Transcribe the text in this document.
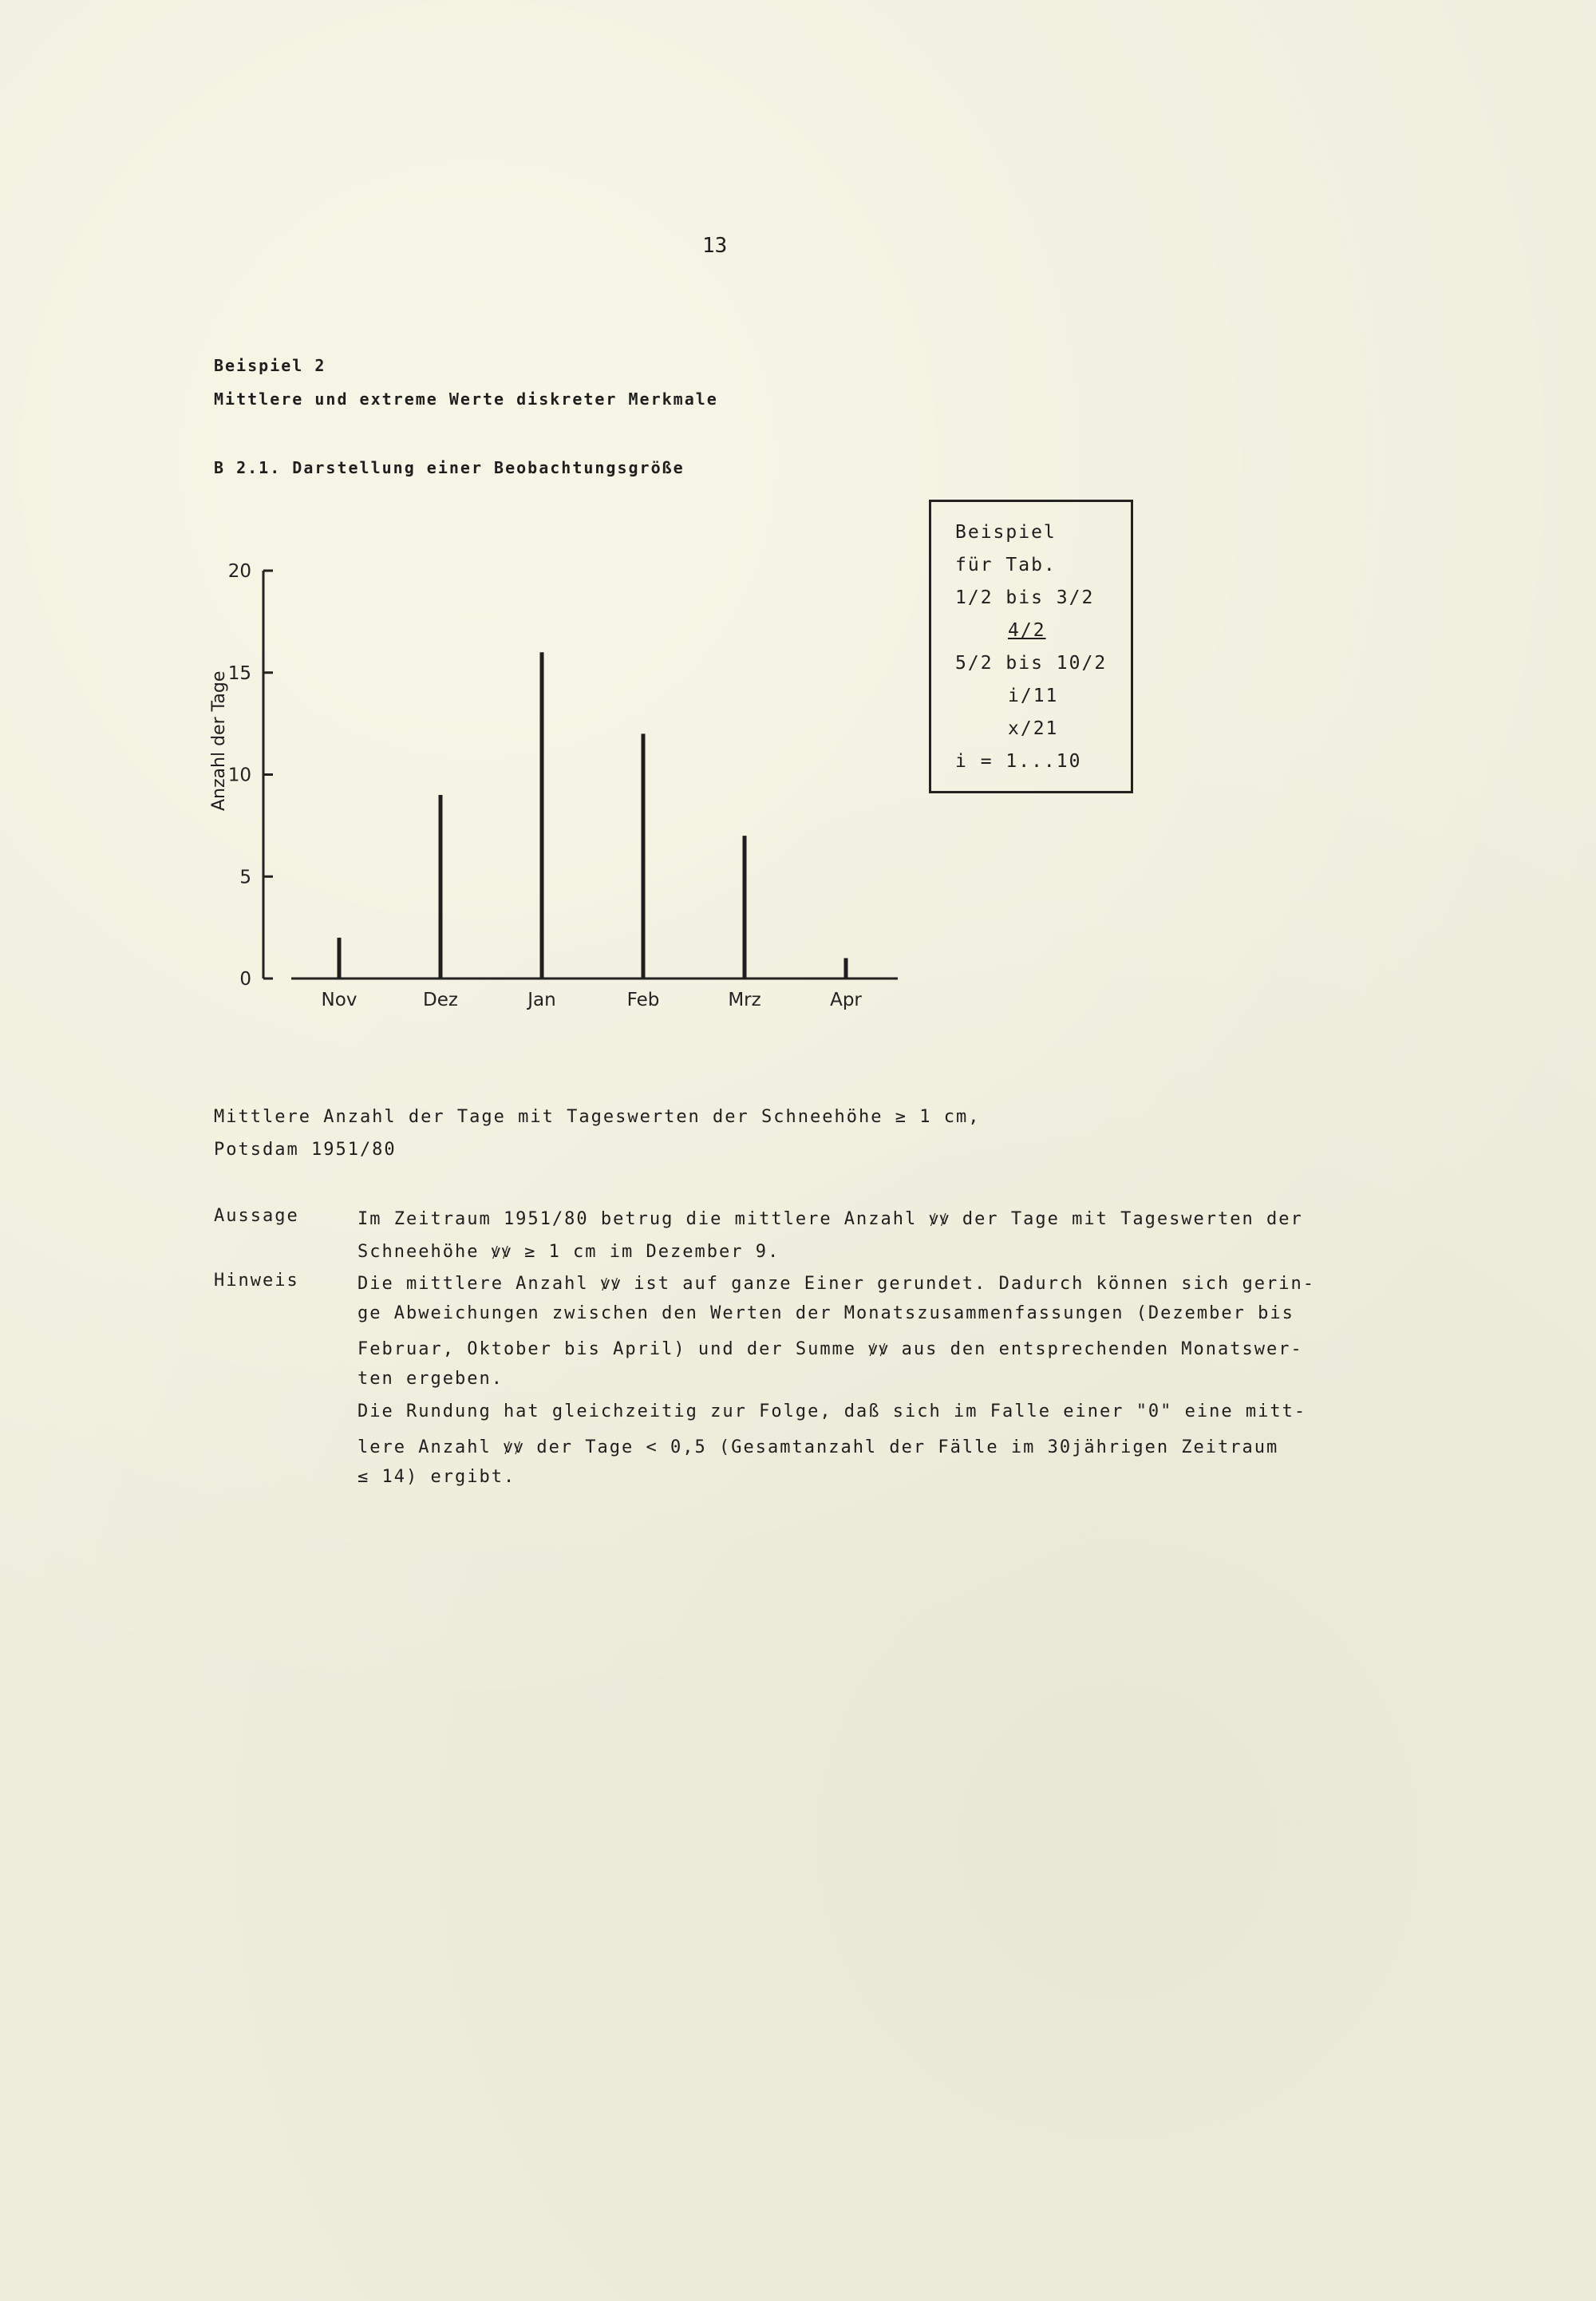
13
Beispiel 2
Mittlere und extreme Werte diskreter Merkmale
B 2.1. Darstellung einer Beobachtungsgröße
Beispiel
für Tab.
1/2 bis 3/2
4/2
5/2 bis 10/2
i/11
x/21
i = 1...10
Anzahl der Tage
0
5
10
15
20
Nov	Dez	Jan	Feb	Mrz	Apr
Mittlere Anzahl der Tage mit Tageswerten der Schneehöhe ≥ 1 cm,
Potsdam 1951/80
Aussage	Im Zeitraum 1951/80 betrug die mittlere Anzahl ꝟꝟ der Tage mit Tageswerten der
Schneehöhe ꝟꝟ ≥ 1 cm im Dezember 9.
Hinweis	Die mittlere Anzahl ꝟꝟ ist auf ganze Einer gerundet. Dadurch können sich gerin-
ge Abweichungen zwischen den Werten der Monatszusammenfassungen (Dezember bis
Februar, Oktober bis April) und der Summe ꝟꝟ aus den entsprechenden Monatswer-
ten ergeben.
Die Rundung hat gleichzeitig zur Folge, daß sich im Falle einer "0" eine mitt-
lere Anzahl ꝟꝟ der Tage < 0,5 (Gesamtanzahl der Fälle im 30jährigen Zeitraum
≤ 14) ergibt.
